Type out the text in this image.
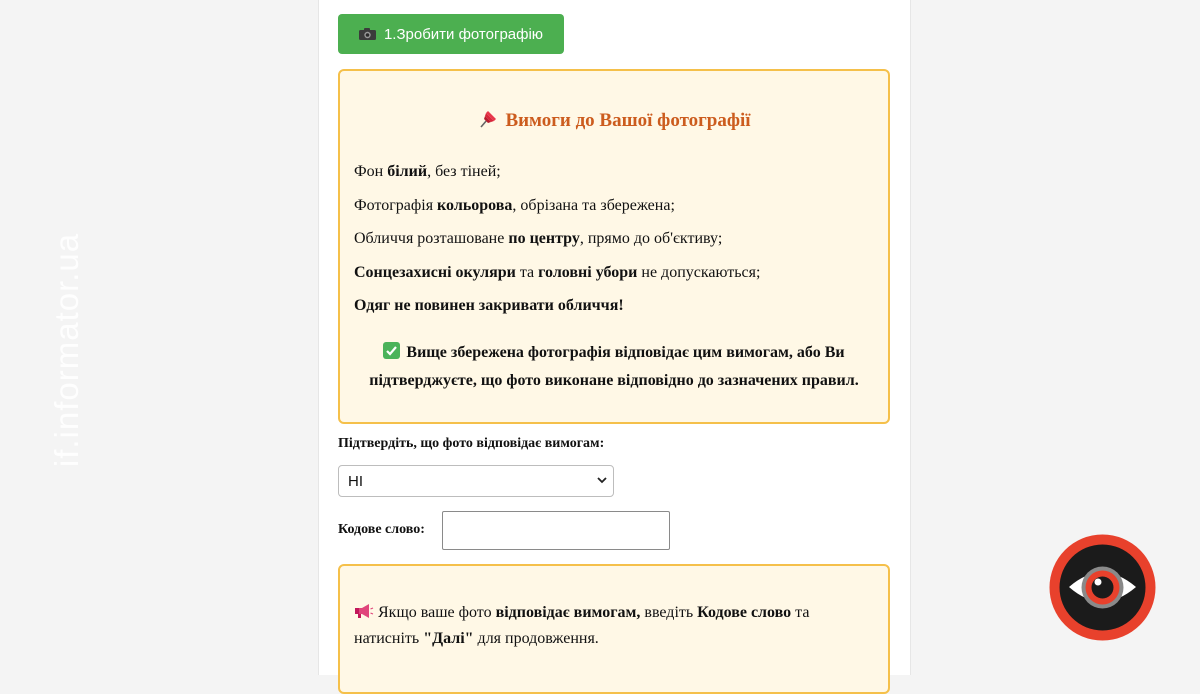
if.informator.ua
1.Зробити фотографію
Вимоги до Вашої фотографії
Фон білий, без тіней;
Фотографія кольорова, обрізана та збережена;
Обличчя розташоване по центру, прямо до об'єктиву;
Сонцезахисні окуляри та головні убори не допускаються;
Одяг не повинен закривати обличчя!
Вище збережена фотографія відповідає цим вимогам, або Ви підтверджуєте, що фото виконане відповідно до зазначених правил.
Підтвердіть, що фото відповідає вимогам:
НІ
Кодове слово:
Якщо ваше фото відповідає вимогам, введіть Кодове слово та натисніть "Далі" для продовження.
